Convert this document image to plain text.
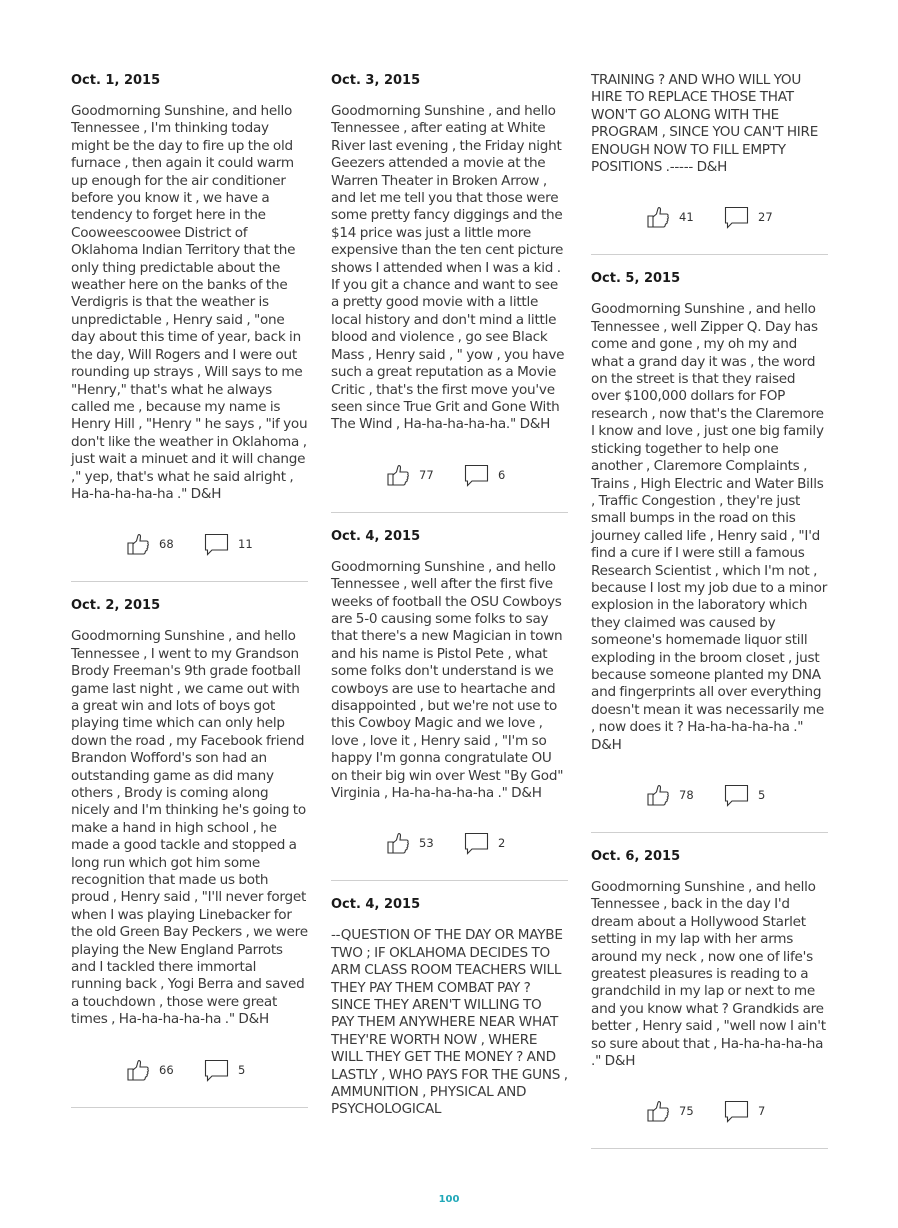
Oct. 1, 2015
Goodmorning Sunshine, and hello Tennessee , I'm thinking today might be the day to fire up the old furnace , then again it could warm up enough for the air conditioner before you know it , we have a tendency to forget here in the Cooweescoowee District of Oklahoma Indian Territory that the only thing predictable about the weather here on the banks of the Verdigris is that the weather is unpredictable , Henry said , "one day about this time of year, back in the day, Will Rogers and I were out rounding up strays , Will says to me "Henry," that's what he always called me , because my name is Henry Hill , "Henry " he says , "if you don't like the weather in Oklahoma , just wait a minuet and it will change ," yep, that's what he said alright , Ha-ha-ha-ha-ha ." D&H
68	11
Oct. 2, 2015
Goodmorning Sunshine , and hello Tennessee , I went to my Grandson Brody Freeman's 9th grade football game last night , we came out with a great win and lots of boys got playing time which can only help down the road , my Facebook friend Brandon Wofford's son had an outstanding game as did many others , Brody is coming along nicely and I'm thinking he's going to make a hand in high school , he made a good tackle and stopped a long run which got him some recognition that made us both proud , Henry said , "I'll never forget when I was playing Linebacker for the old Green Bay Peckers , we were playing the New England Parrots and I tackled there immortal running back , Yogi Berra and saved a touchdown , those were great times , Ha-ha-ha-ha-ha ." D&H
66	5
Oct. 3, 2015
Goodmorning Sunshine , and hello Tennessee , after eating at White River last evening , the Friday night Geezers attended a movie at the Warren Theater in Broken Arrow , and let me tell you that those were some pretty fancy diggings and the $14 price was just a little more expensive than the ten cent picture shows I attended when I was a kid . If you git a chance and want to see a pretty good movie with a little local history and don't mind a little blood and violence , go see Black Mass , Henry said , " yow , you have such a great reputation as a Movie Critic , that's the first move you've seen since True Grit and Gone With The Wind , Ha-ha-ha-ha-ha." D&H
77	6
Oct. 4, 2015
Goodmorning Sunshine , and hello Tennessee , well after the first five weeks of football the OSU Cowboys are 5-0 causing some folks to say that there's a new Magician in town and his name is Pistol Pete , what some folks don't understand is we cowboys are use to heartache and disappointed , but we're not use to this Cowboy Magic and we love , love , love it , Henry said , "I'm so happy I'm gonna congratulate OU on their big win over West "By God" Virginia , Ha-ha-ha-ha-ha ." D&H
53	2
Oct. 4, 2015
--QUESTION OF THE DAY OR MAYBE TWO ; IF OKLAHOMA DECIDES TO ARM CLASS ROOM TEACHERS WILL THEY PAY THEM COMBAT PAY ?SINCE THEY AREN'T WILLING TO PAY THEM ANYWHERE NEAR WHAT THEY'RE WORTH NOW , WHERE WILL THEY GET THE MONEY ? AND LASTLY , WHO PAYS FOR THE GUNS , AMMUNITION , PHYSICAL AND PSYCHOLOGICAL
TRAINING ? AND WHO WILL YOU HIRE TO REPLACE THOSE THAT WON'T GO ALONG WITH THE PROGRAM , SINCE YOU CAN'T HIRE ENOUGH NOW TO FILL EMPTY POSITIONS .----- D&H
41	27
Oct. 5, 2015
Goodmorning Sunshine , and hello Tennessee , well Zipper Q. Day has come and gone , my oh my and what a grand day it was , the word on the street is that they raised over $100,000 dollars for FOP research , now that's the Claremore I know and love , just one big family sticking together to help one another , Claremore Complaints , Trains , High Electric and Water Bills , Traffic Congestion , they're just small bumps in the road on this journey called life , Henry said , "I'd find a cure if I were still a famous Research Scientist , which I'm not , because I lost my job due to a minor explosion in the laboratory which they claimed was caused by someone's homemade liquor still exploding in the broom closet , just because someone planted my DNA and fingerprints all over everything doesn't mean it was necessarily me , now does it ? Ha-ha-ha-ha-ha ." D&H
78	5
Oct. 6, 2015
Goodmorning Sunshine , and hello Tennessee , back in the day I'd dream about a Hollywood Starlet setting in my lap with her arms around my neck , now one of life's greatest pleasures is reading to a grandchild in my lap or next to me and you know what ? Grandkids are better , Henry said , "well now I ain't so sure about that , Ha-ha-ha-ha-ha ." D&H
75	7
100
